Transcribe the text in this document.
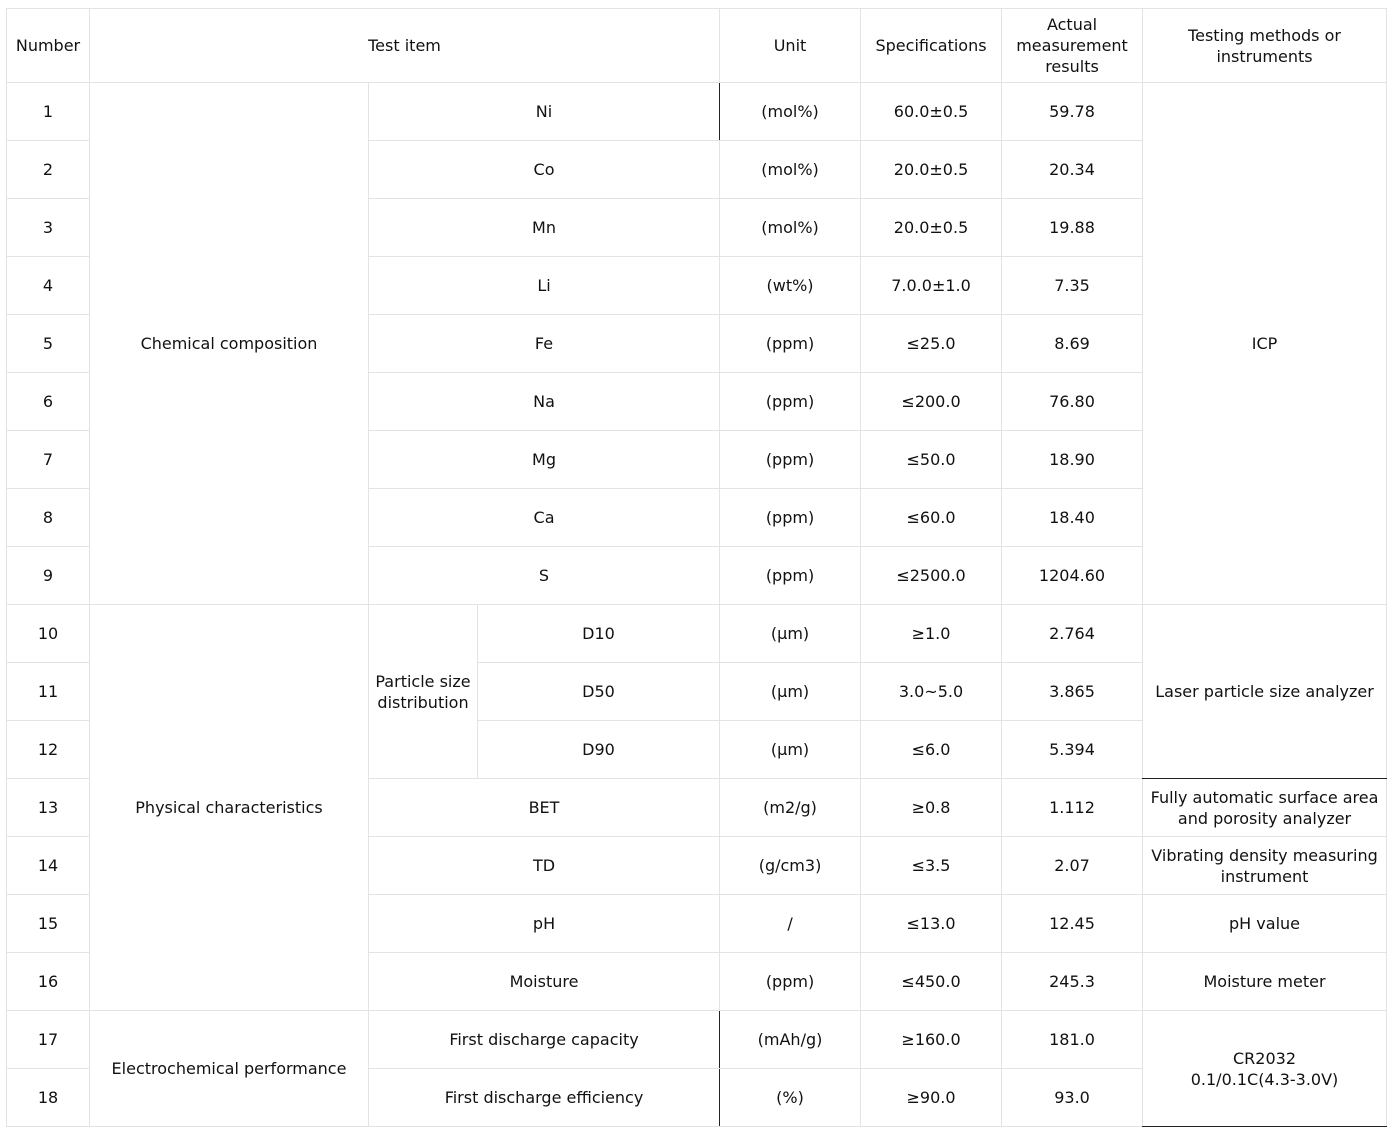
Number	Test item			Unit	Specifications	Actual measurement results	Testing methods or instruments
1	Chemical composition	Ni		(mol%)	60.0±0.5	59.78	ICP
2		Co		(mol%)	20.0±0.5	20.34	
3		Mn		(mol%)	20.0±0.5	19.88	
4		Li		(wt%)	7.0.0±1.0	7.35	
5		Fe		(ppm)	≤25.0	8.69	
6		Na		(ppm)	≤200.0	76.80	
7		Mg		(ppm)	≤50.0	18.90	
8		Ca		(ppm)	≤60.0	18.40	
9		S		(ppm)	≤2500.0	1204.60	
10	Physical characteristics	Particle size distribution	D10	(μm)	≥1.0	2.764	Laser particle size analyzer
11			D50	(μm)	3.0~5.0	3.865	
12			D90	(μm)	≤6.0	5.394	
13		BET		(m2/g)	≥0.8	1.112	Fully automatic surface area and porosity analyzer
14		TD		(g/cm3)	≤3.5	2.07	Vibrating density measuring instrument
15		pH		/	≤13.0	12.45	pH value
16		Moisture		(ppm)	≤450.0	245.3	Moisture meter
17	Electrochemical performance	First discharge capacity		(mAh/g)	≥160.0	181.0	CR2032
0.1/0.1C(4.3-3.0V)

18		First discharge efficiency		(%)	≥90.0	93.0	
